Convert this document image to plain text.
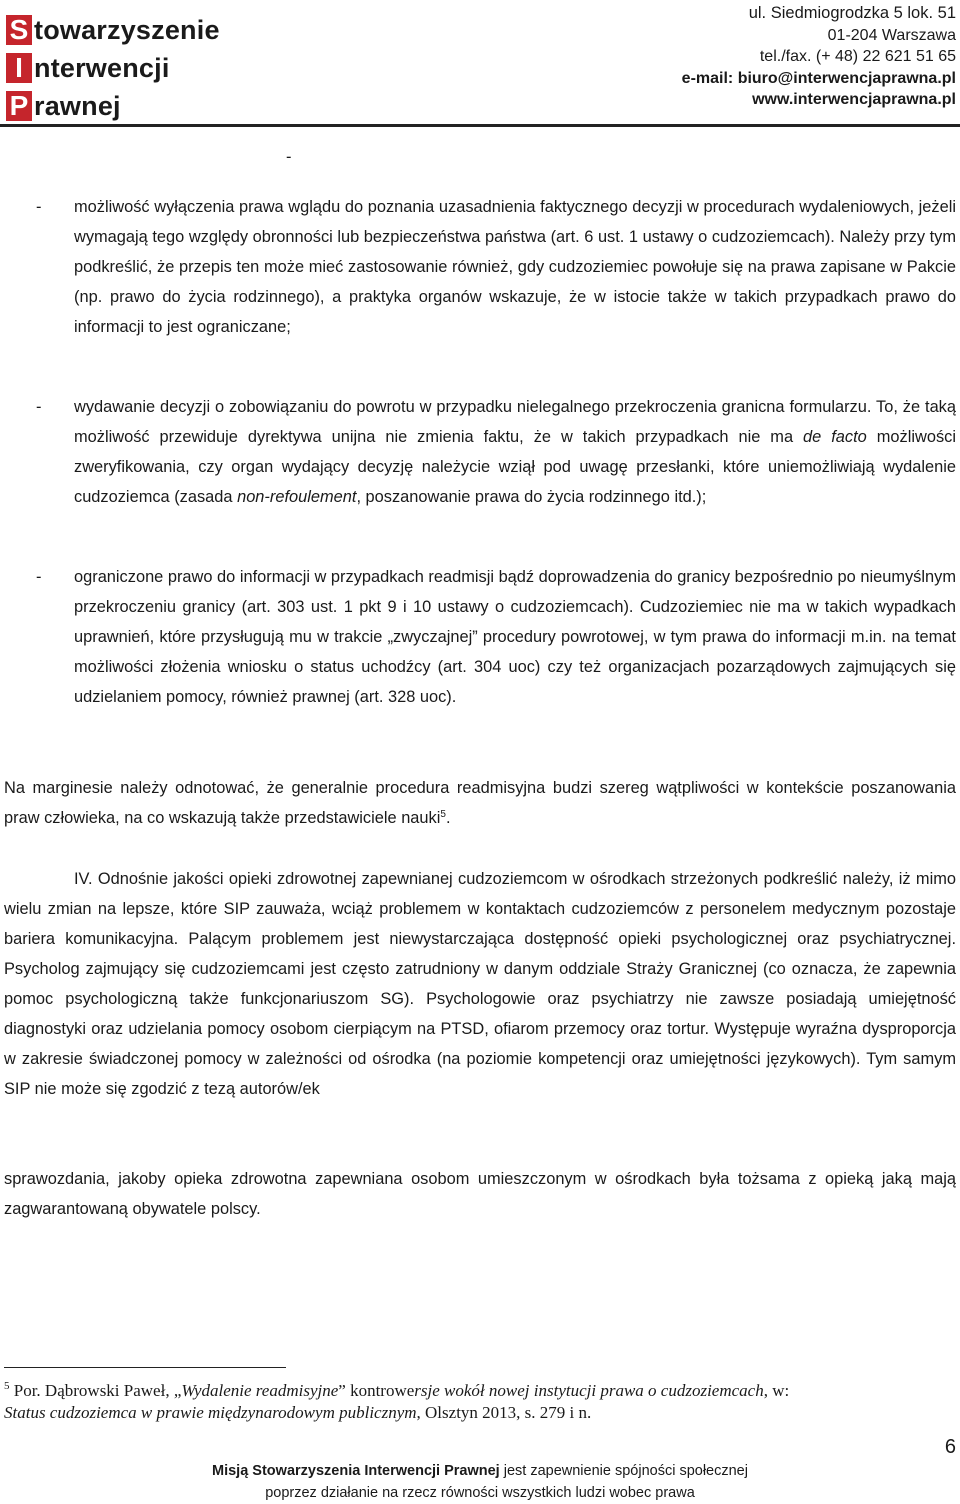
S towarzyszenie
I nterwencji
P rawnej
ul. Siedmiogrodzka 5 lok. 51
01-204 Warszawa
tel./fax. (+ 48) 22 621 51 65
e-mail: biuro@interwencjaprawna.pl
www.interwencjaprawna.pl
-
- możliwość wyłączenia prawa wglądu do poznania uzasadnienia faktycznego decyzji w procedurach wydaleniowych, jeżeli wymagają tego względy obronności lub bezpieczeństwa państwa (art. 6 ust. 1 ustawy o cudzoziemcach). Należy przy tym podkreślić, że przepis ten może mieć zastosowanie również, gdy cudzoziemiec powołuje się na prawa zapisane w Pakcie (np. prawo do życia rodzinnego), a praktyka organów wskazuje, że w istocie także w takich przypadkach prawo do informacji to jest ograniczane;
- wydawanie decyzji o zobowiązaniu do powrotu w przypadku nielegalnego przekroczenia granicna formularzu. To, że taką możliwość przewiduje dyrektywa unijna nie zmienia faktu, że w takich przypadkach nie ma de facto możliwości zweryfikowania, czy organ wydający decyzję należycie wziął pod uwagę przesłanki, które uniemożliwiają wydalenie cudzoziemca (zasada non-refoulement, poszanowanie prawa do życia rodzinnego itd.);
- ograniczone prawo do informacji w przypadkach readmisji bądź doprowadzenia do granicy bezpośrednio po nieumyślnym przekroczeniu granicy (art. 303 ust. 1 pkt 9 i 10 ustawy o cudzoziemcach). Cudzoziemiec nie ma w takich wypadkach uprawnień, które przysługują mu w trakcie „zwyczajnej” procedury powrotowej, w tym prawa do informacji m.in. na temat możliwości złożenia wniosku o status uchodźcy (art. 304 uoc) czy też organizacjach pozarządowych zajmujących się udzielaniem pomocy, również prawnej (art. 328 uoc).
Na marginesie należy odnotować, że generalnie procedura readmisyjna budzi szereg wątpliwości w kontekście poszanowania praw człowieka, na co wskazują także przedstawiciele nauki$^5$.
IV. Odnośnie jakości opieki zdrowotnej zapewnianej cudzoziemcom w ośrodkach strzeżonych podkreślić należy, iż mimo wielu zmian na lepsze, które SIP zauważa, wciąż problemem w kontaktach cudzoziemców z personelem medycznym pozostaje bariera komunikacyjna. Palącym problemem jest niewystarczająca dostępność opieki psychologicznej oraz psychiatrycznej. Psycholog zajmujący się cudzoziemcami jest często zatrudniony w danym oddziale Straży Granicznej (co oznacza, że zapewnia pomoc psychologiczną także funkcjonariuszom SG). Psychologowie oraz psychiatrzy nie zawsze posiadają umiejętność diagnostyki oraz udzielania pomocy osobom cierpiącym na PTSD, ofiarom przemocy oraz tortur. Występuje wyraźna dysproporcja w zakresie świadczonej pomocy w zależności od ośrodka (na poziomie kompetencji oraz umiejętności językowych). Tym samym SIP nie może się zgodzić z tezą autorów/ek
sprawozdania, jakoby opieka zdrowotna zapewniana osobom umieszczonym w ośrodkach była tożsama z opieką jaką mają zagwarantowaną obywatele polscy.
$^5$ Por. Dąbrowski Paweł, „Wydalenie readmisyjne” kontrowersje wokół nowej instytucji prawa o cudzoziemcach, w:
Status cudzoziemca w prawie międzynarodowym publicznym, Olsztyn 2013, s. 279 i n.
6
Misją Stowarzyszenia Interwencji Prawnej jest zapewnienie spójności społecznej
poprzez działanie na rzecz równości wszystkich ludzi wobec prawa
